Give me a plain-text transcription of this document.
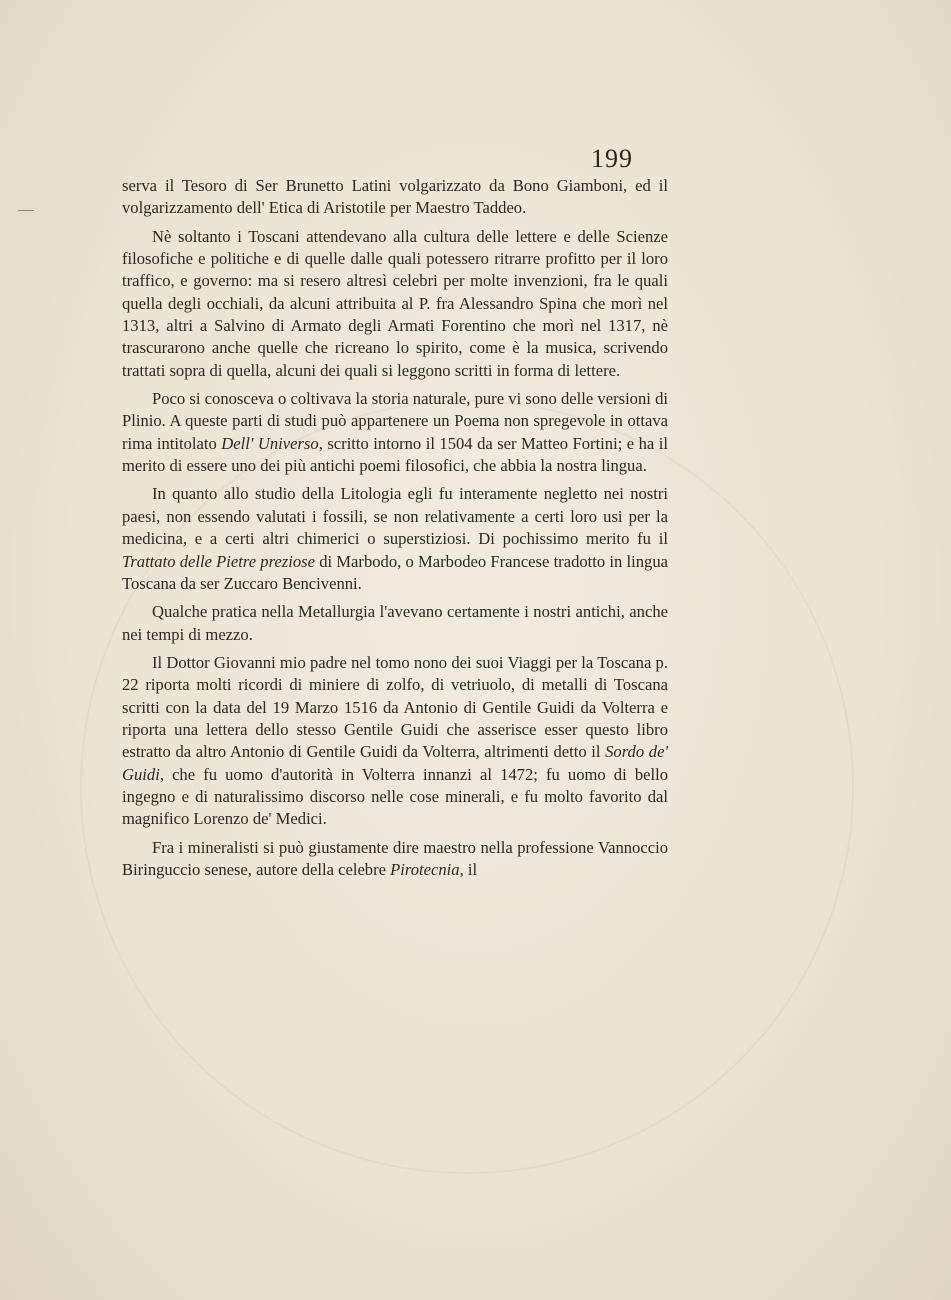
199

serva il Tesoro di Ser Brunetto Latini volgarizzato da Bono Giamboni, ed il volgarizzamento dell' Etica di Aristotile per Maestro Taddeo.

Nè soltanto i Toscani attendevano alla cultura delle lettere e delle Scienze filosofiche e politiche e di quelle dalle quali potessero ritrarre profitto per il loro traffico, e governo: ma si resero altresì celebri per molte invenzioni, fra le quali quella degli occhiali, da alcuni attribuita al P. fra Alessandro Spina che morì nel 1313, altri a Salvino di Armato degli Armati Forentino che morì nel 1317, nè trascurarono anche quelle che ricreano lo spirito, come è la musica, scrivendo trattati sopra di quella, alcuni dei quali si leggono scritti in forma di lettere.

Poco si conosceva o coltivava la storia naturale, pure vi sono delle versioni di Plinio. A queste parti di studi può appartenere un Poema non spregevole in ottava rima intitolato Dell' Universo, scritto intorno il 1504 da ser Matteo Fortini; e ha il merito di essere uno dei più antichi poemi filosofici, che abbia la nostra lingua.

In quanto allo studio della Litologia egli fu interamente negletto nei nostri paesi, non essendo valutati i fossili, se non relativamente a certi loro usi per la medicina, e a certi altri chimerici o superstiziosi. Di pochissimo merito fu il Trattato delle Pietre preziose di Marbodo, o Marbodeo Francese tradotto in lingua Toscana da ser Zuccaro Bencivenni.

Qualche pratica nella Metallurgia l'avevano certamente i nostri antichi, anche nei tempi di mezzo.

Il Dottor Giovanni mio padre nel tomo nono dei suoi Viaggi per la Toscana p. 22 riporta molti ricordi di miniere di zolfo, di vetriuolo, di metalli di Toscana scritti con la data del 19 Marzo 1516 da Antonio di Gentile Guidi da Volterra e riporta una lettera dello stesso Gentile Guidi che asserisce esser questo libro estratto da altro Antonio di Gentile Guidi da Volterra, altrimenti detto il Sordo de' Guidi, che fu uomo d'autorità in Volterra innanzi al 1472; fu uomo di bello ingegno e di naturalissimo discorso nelle cose minerali, e fu molto favorito dal magnifico Lorenzo de' Medici.

Fra i mineralisti si può giustamente dire maestro nella professione Vannoccio Biringuccio senese, autore della celebre Pirotecnia, il
